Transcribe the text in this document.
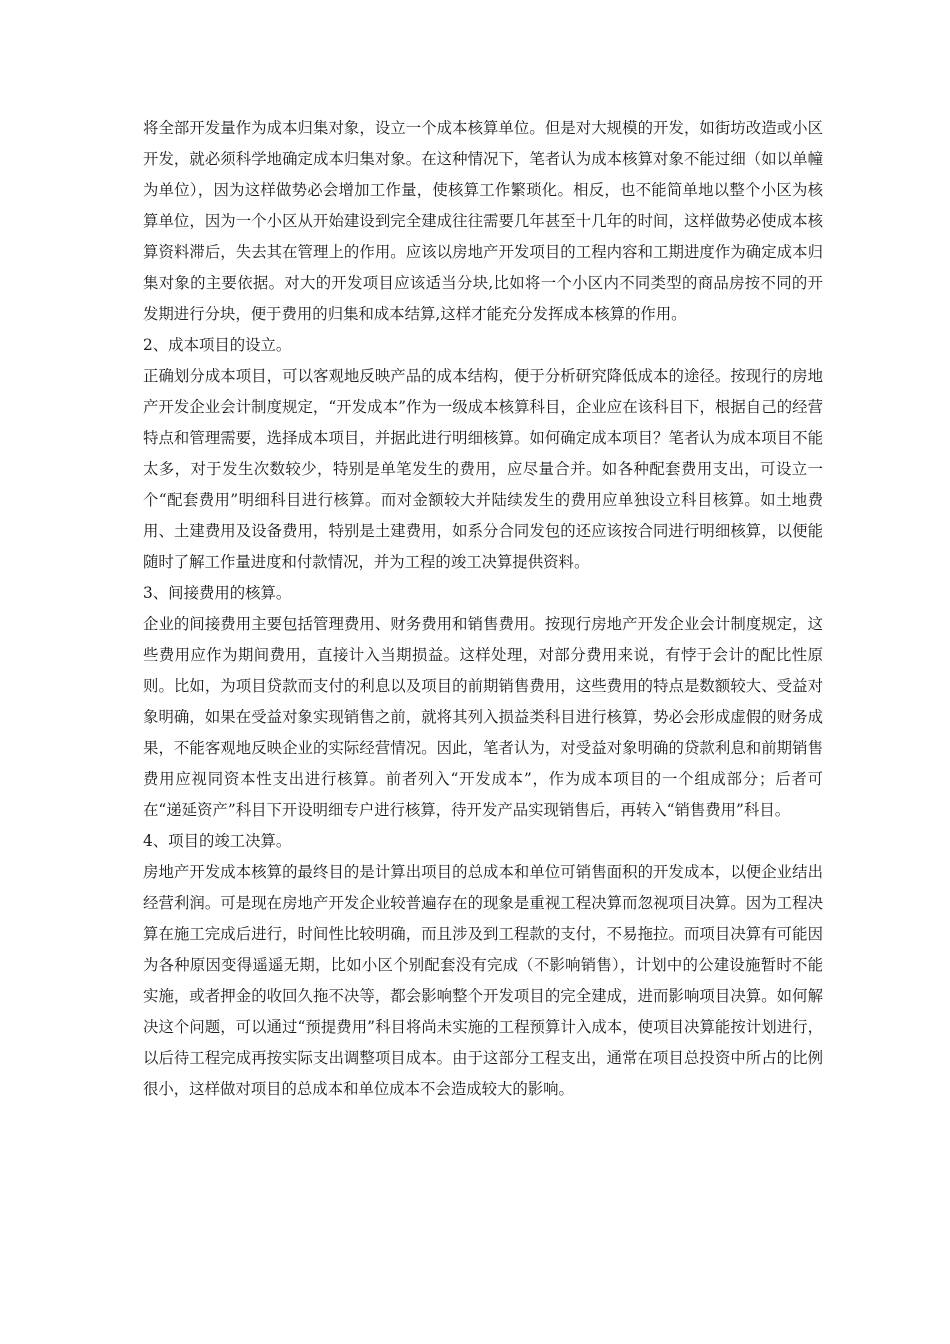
将全部开发量作为成本归集对象，设立一个成本核算单位。但是对大规模的开发，如街坊改造或小区开发，就必须科学地确定成本归集对象。在这种情况下，笔者认为成本核算对象不能过细（如以单幢为单位），因为这样做势必会增加工作量，使核算工作繁琐化。相反，也不能简单地以整个小区为核算单位，因为一个小区从开始建设到完全建成往往需要几年甚至十几年的时间，这样做势必使成本核算资料滞后，失去其在管理上的作用。应该以房地产开发项目的工程内容和工期进度作为确定成本归集对象的主要依据。对大的开发项目应该适当分块,比如将一个小区内不同类型的商品房按不同的开发期进行分块，便于费用的归集和成本结算,这样才能充分发挥成本核算的作用。

2、成本项目的设立。

正确划分成本项目，可以客观地反映产品的成本结构，便于分析研究降低成本的途径。按现行的房地产开发企业会计制度规定，“开发成本”作为一级成本核算科目，企业应在该科目下，根据自己的经营特点和管理需要，选择成本项目，并据此进行明细核算。如何确定成本项目？笔者认为成本项目不能太多，对于发生次数较少，特别是单笔发生的费用，应尽量合并。如各种配套费用支出，可设立一个“配套费用”明细科目进行核算。而对金额较大并陆续发生的费用应单独设立科目核算。如土地费用、土建费用及设备费用，特别是土建费用，如系分合同发包的还应该按合同进行明细核算，以便能随时了解工作量进度和付款情况，并为工程的竣工决算提供资料。

3、间接费用的核算。

企业的间接费用主要包括管理费用、财务费用和销售费用。按现行房地产开发企业会计制度规定，这些费用应作为期间费用，直接计入当期损益。这样处理，对部分费用来说，有悖于会计的配比性原则。比如，为项目贷款而支付的利息以及项目的前期销售费用，这些费用的特点是数额较大、受益对象明确，如果在受益对象实现销售之前，就将其列入损益类科目进行核算，势必会形成虚假的财务成果，不能客观地反映企业的实际经营情况。因此，笔者认为，对受益对象明确的贷款利息和前期销售费用应视同资本性支出进行核算。前者列入“开发成本”，作为成本项目的一个组成部分；后者可在“递延资产”科目下开设明细专户进行核算，待开发产品实现销售后，再转入“销售费用”科目。

4、项目的竣工决算。

房地产开发成本核算的最终目的是计算出项目的总成本和单位可销售面积的开发成本，以便企业结出经营利润。可是现在房地产开发企业较普遍存在的现象是重视工程决算而忽视项目决算。因为工程决算在施工完成后进行，时间性比较明确，而且涉及到工程款的支付，不易拖拉。而项目决算有可能因为各种原因变得遥遥无期，比如小区个别配套没有完成（不影响销售），计划中的公建设施暂时不能实施，或者押金的收回久拖不决等，都会影响整个开发项目的完全建成，进而影响项目决算。如何解决这个问题，可以通过“预提费用”科目将尚未实施的工程预算计入成本，使项目决算能按计划进行，以后待工程完成再按实际支出调整项目成本。由于这部分工程支出，通常在项目总投资中所占的比例很小，这样做对项目的总成本和单位成本不会造成较大的影响。
